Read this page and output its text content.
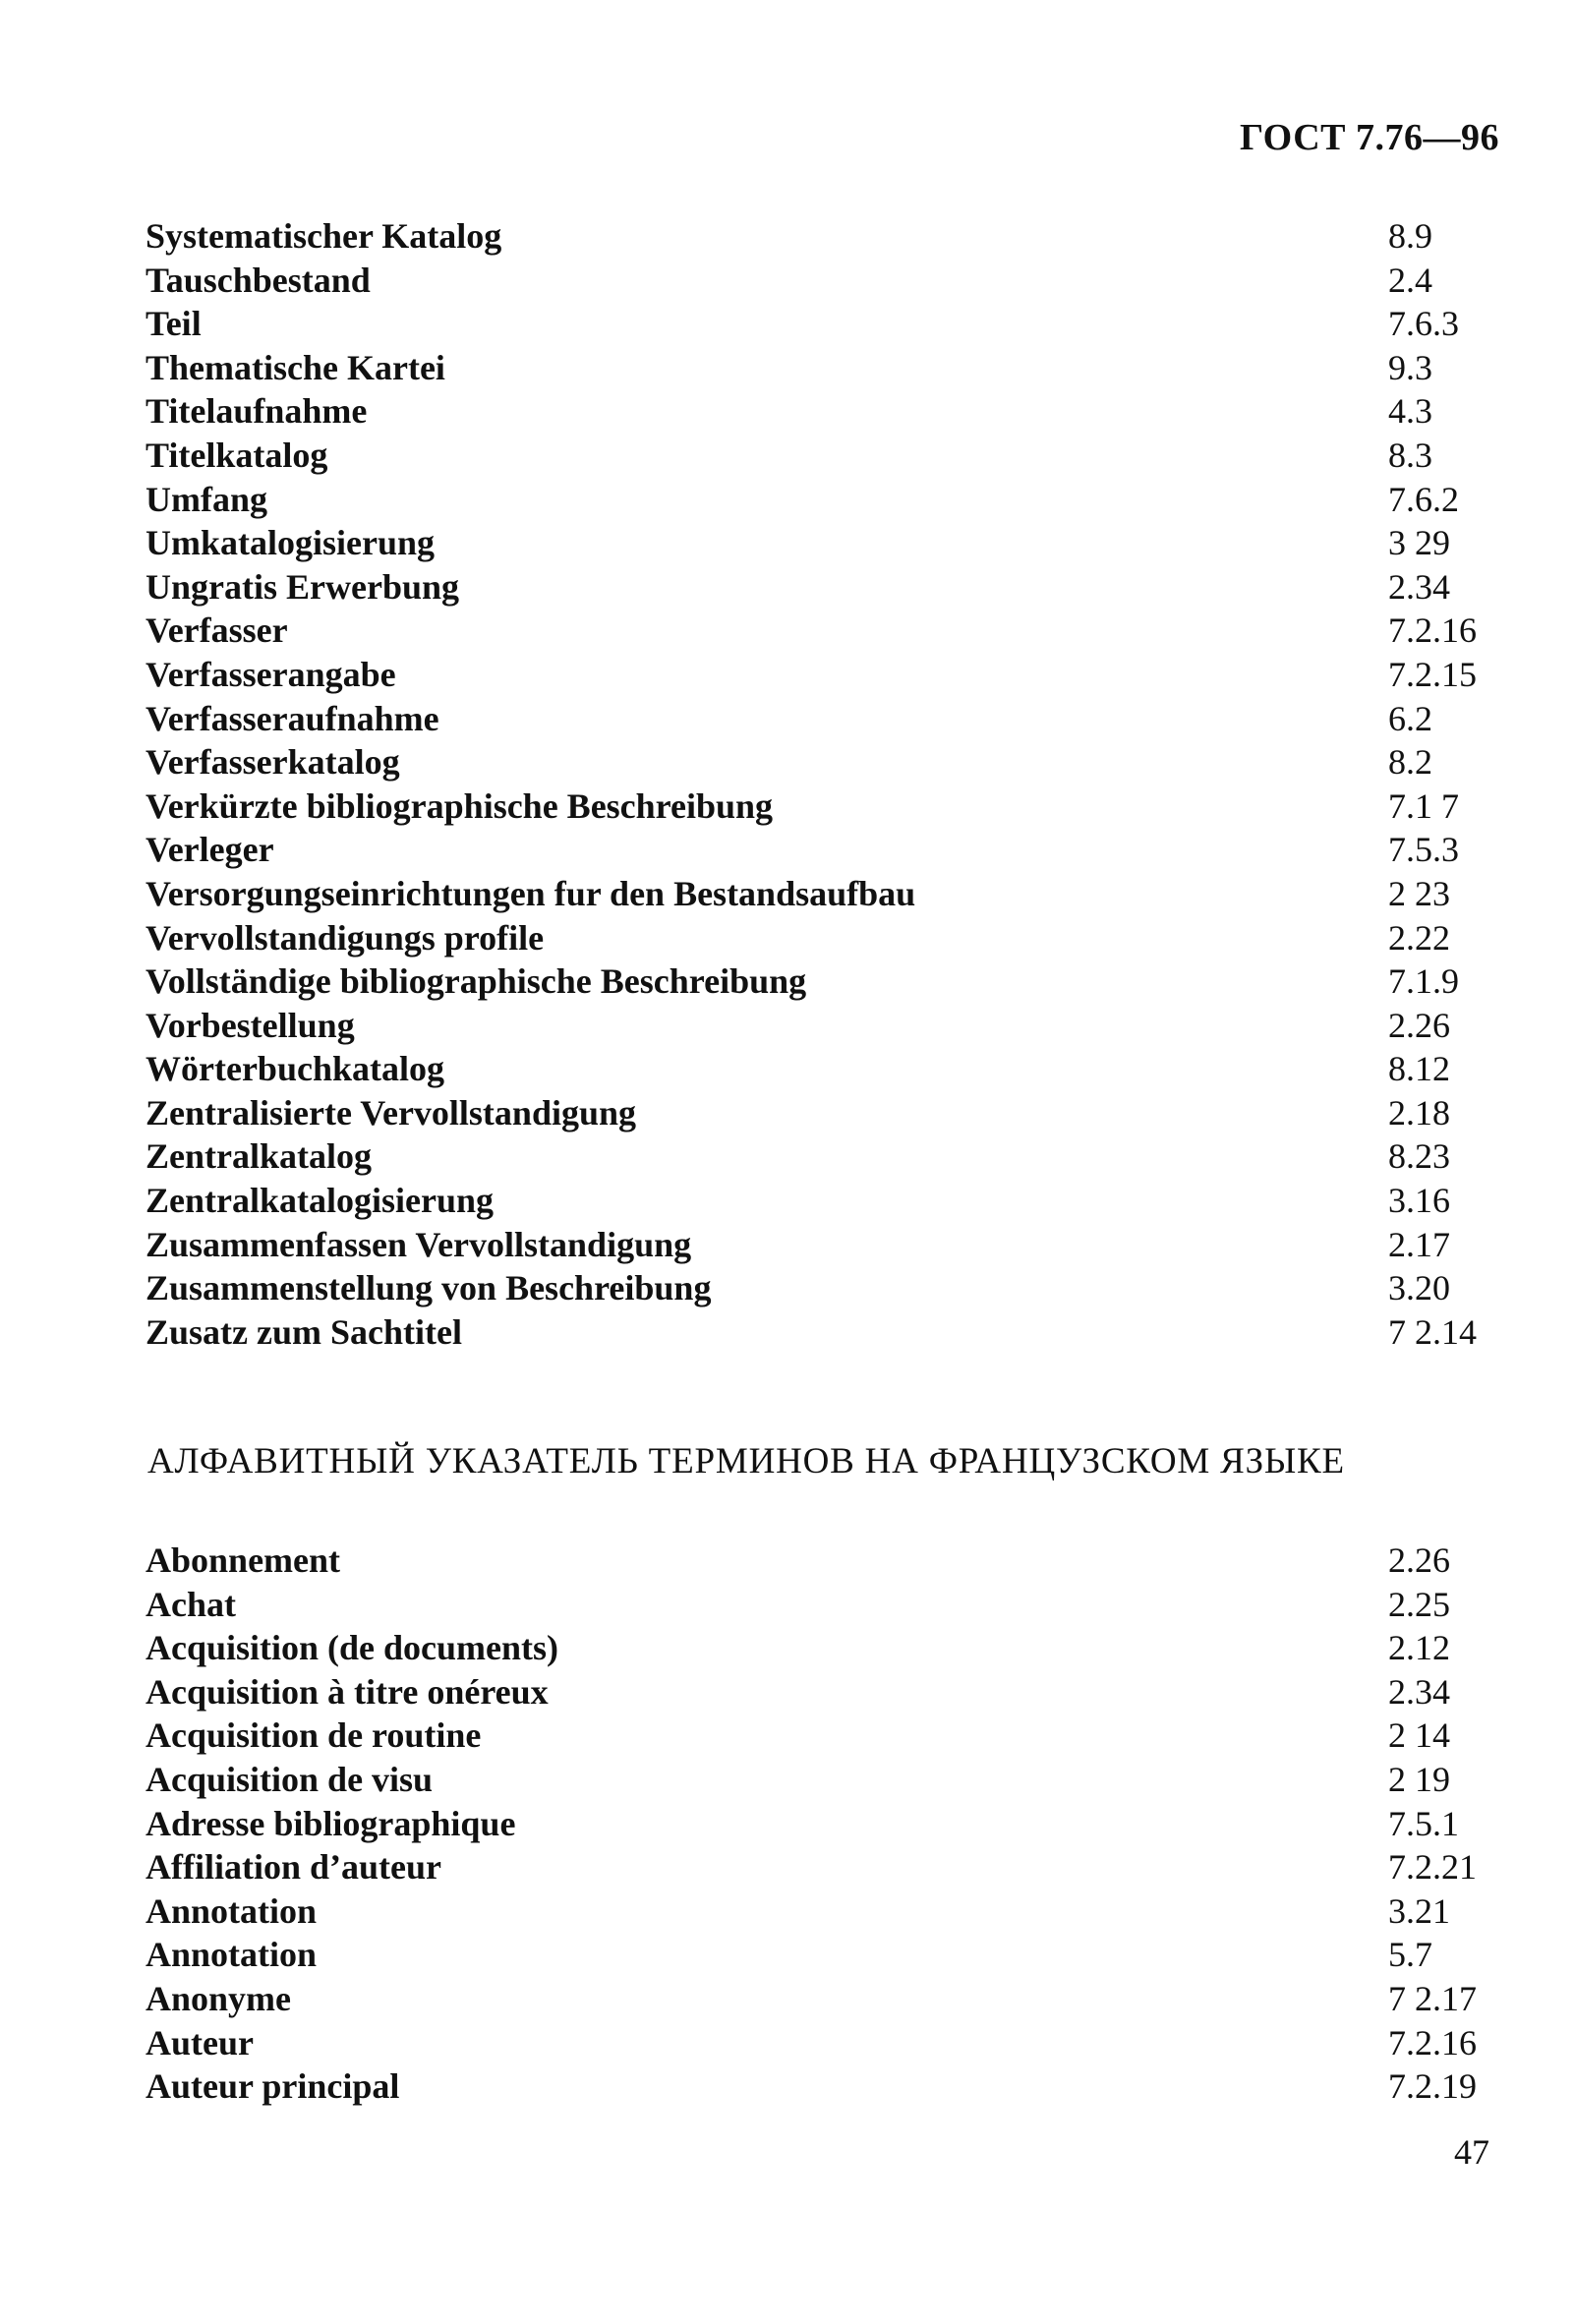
ГОСТ 7.76—96
Systematischer Katalog	8.9
Tauschbestand	2.4
Teil	7.6.3
Thematische Kartei	9.3
Titelaufnahme	4.3
Titelkatalog	8.3
Umfang	7.6.2
Umkatalogisierung	3 29
Ungratis Erwerbung	2.34
Verfasser	7.2.16
Verfasserangabe	7.2.15
Verfasseraufnahme	6.2
Verfasserkatalog	8.2
Verkürzte bibliographische Beschreibung	7.1 7
Verleger	7.5.3
Versorgungseinrichtungen fur den Bestandsaufbau	2 23
Vervollstandigungs profile	2.22
Vollständige bibliographische Beschreibung	7.1.9
Vorbestellung	2.26
Wörterbuchkatalog	8.12
Zentralisierte Vervollstandigung	2.18
Zentralkatalog	8.23
Zentralkatalogisierung	3.16
Zusammenfassen Vervollstandigung	2.17
Zusammenstellung von Beschreibung	3.20
Zusatz zum Sachtitel	7 2.14
АЛФАВИТНЫЙ УКАЗАТЕЛЬ ТЕРМИНОВ НА ФРАНЦУЗСКОМ ЯЗЫКЕ
Abonnement	2.26
Achat	2.25
Acquisition (de documents)	2.12
Acquisition à titre onéreux	2.34
Acquisition de routine	2 14
Acquisition de visu	2 19
Adresse bibliographique	7.5.1
Affiliation d’auteur	7.2.21
Annotation	3.21
Annotation	5.7
Anonyme	7 2.17
Auteur	7.2.16
Auteur principal	7.2.19
47
